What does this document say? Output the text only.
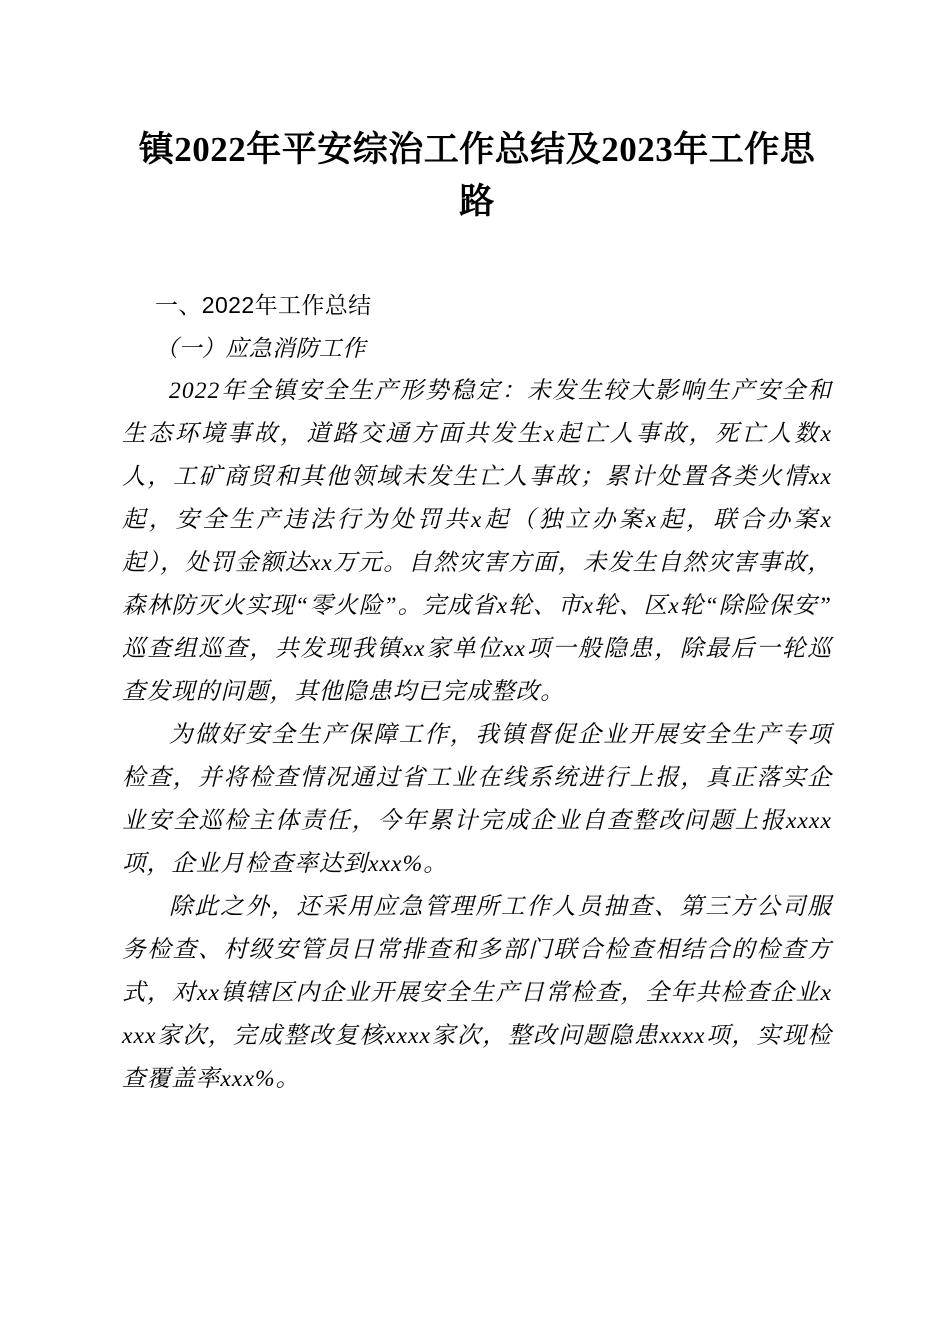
镇2022年平安综治工作总结及2023年工作思路
一、2022年工作总结
（一）应急消防工作

2022年全镇安全生产形势稳定：未发生较大影响生产安全和生态环境事故，道路交通方面共发生x起亡人事故，死亡人数x人，工矿商贸和其他领域未发生亡人事故；累计处置各类火情xx起，安全生产违法行为处罚共x起（独立办案x起，联合办案x起），处罚金额达xx万元。自然灾害方面，未发生自然灾害事故，森林防灭火实现“零火险”。完成省x轮、市x轮、区x轮“除险保安”巡查组巡查，共发现我镇xx家单位xx项一般隐患，除最后一轮巡查发现的问题，其他隐患均已完成整改。

为做好安全生产保障工作，我镇督促企业开展安全生产专项检查，并将检查情况通过省工业在线系统进行上报，真正落实企业安全巡检主体责任，今年累计完成企业自查整改问题上报xxxx项，企业月检查率达到xxx%。

除此之外，还采用应急管理所工作人员抽查、第三方公司服务检查、村级安管员日常排查和多部门联合检查相结合的检查方式，对xx镇辖区内企业开展安全生产日常检查，全年共检查企业xxxx家次，完成整改复核xxxx家次，整改问题隐患xxxx项，实现检查覆盖率xxx%。
